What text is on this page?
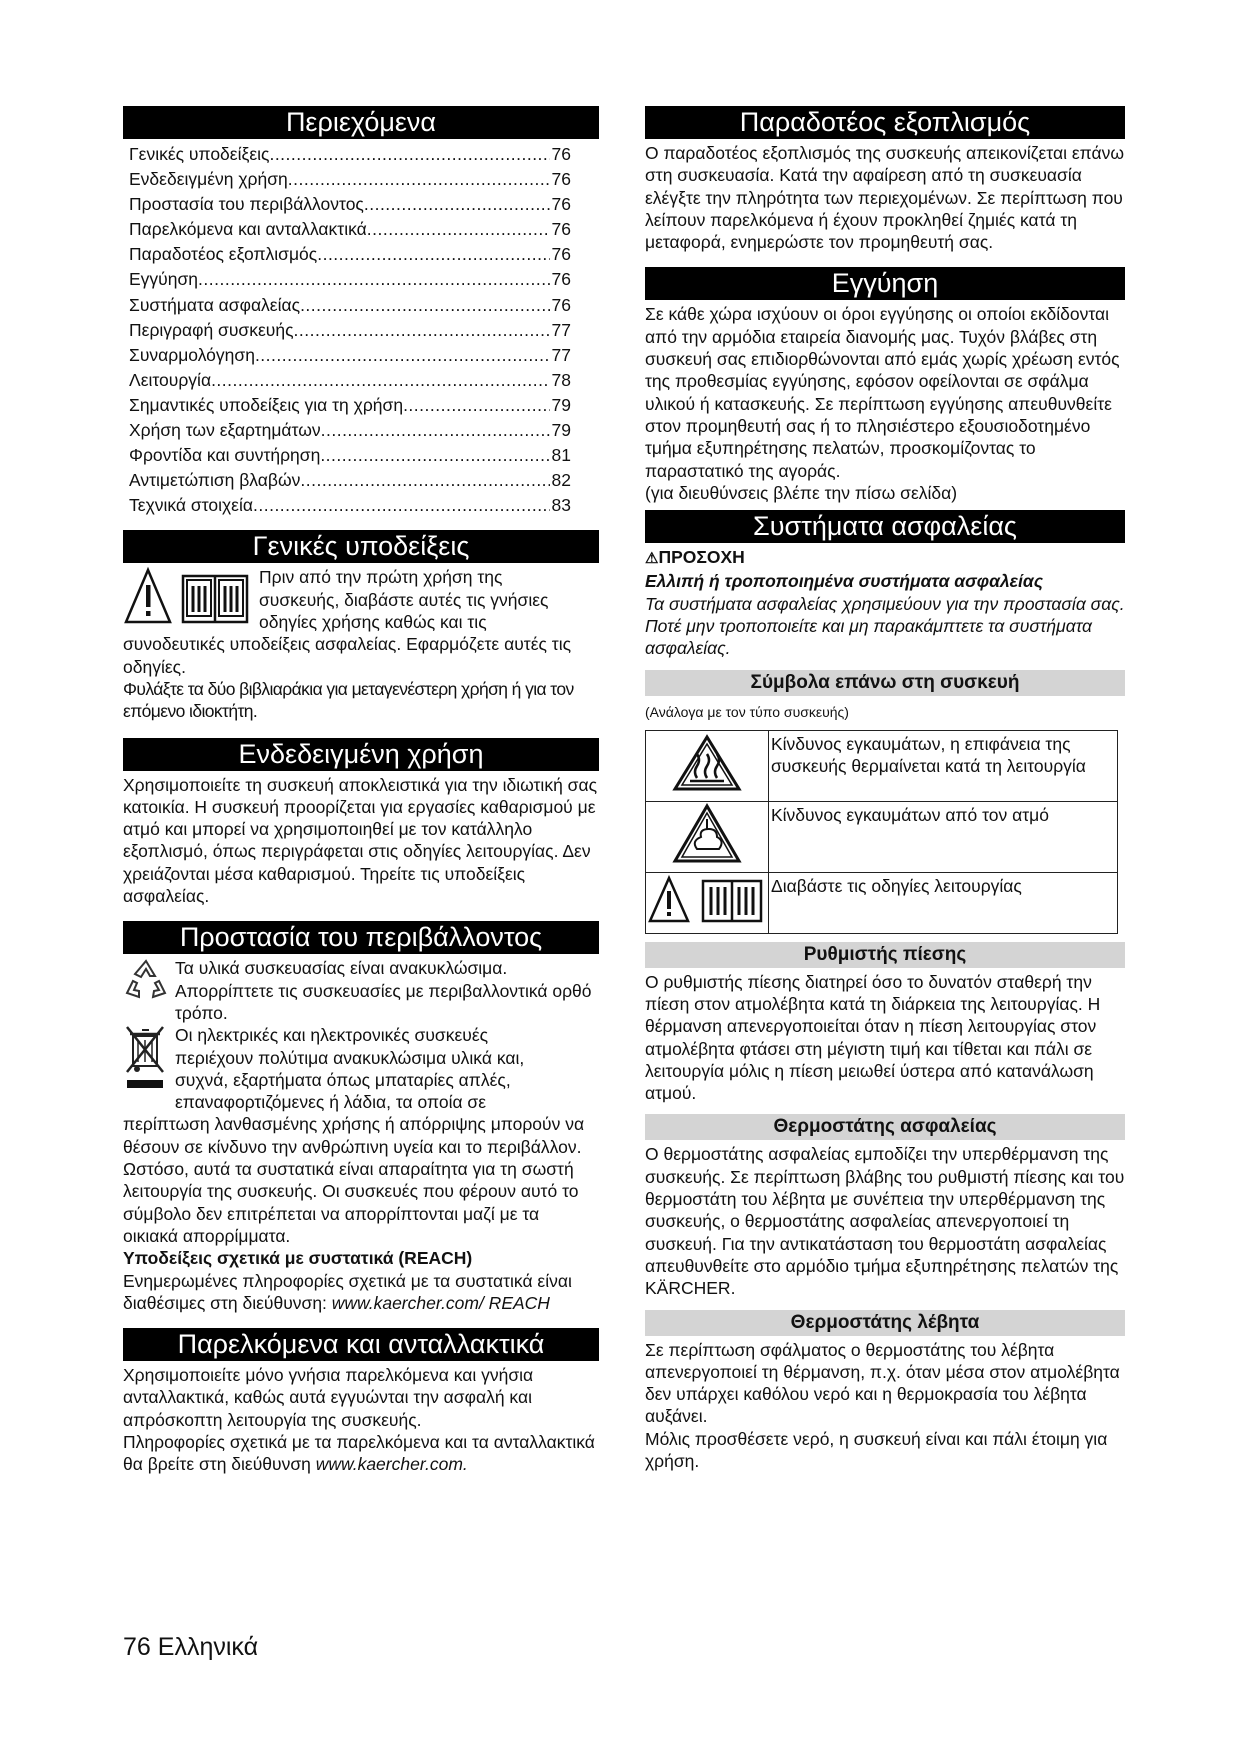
Περιεχόμενα
Γενικές υποδείξεις .....	76
Ενδεδειγμένη χρήση .....	76
Προστασία του περιβάλλοντος .....	76
Παρελκόμενα και ανταλλακτικά .....	76
Παραδοτέος εξοπλισμός .....	76
Εγγύηση .....	76
Συστήματα ασφαλείας .....	76
Περιγραφή συσκευής .....	77
Συναρμολόγηση .....	77
Λειτουργία .....	78
Σημαντικές υποδείξεις για τη χρήση .....	79
Χρήση των εξαρτημάτων .....	79
Φροντίδα και συντήρηση .....	81
Αντιμετώπιση βλαβών .....	82
Τεχνικά στοιχεία .....	83
Γενικές υποδείξεις

Πριν από την πρώτη χρήση της

συσκευής, διαβάστε αυτές τις γνήσιες

οδηγίες χρήσης καθώς και τις

συνοδευτικές υποδείξεις ασφαλείας. Εφαρμόζετε αυτές τις οδηγίες.

Φυλάξτε τα δύο βιβλιαράκια για μεταγενέστερη χρήση ή για τον επόμενο ιδιοκτήτη.

Ενδεδειγμένη χρήση

Χρησιμοποιείτε τη συσκευή αποκλειστικά για την ιδιωτική σας κατοικία. Η συσκευή προορίζεται για εργασίες καθαρισμού με ατμό και μπορεί να χρησιμοποιηθεί με τον κατάλληλο εξοπλισμό, όπως περιγράφεται στις οδηγίες λειτουργίας. Δεν χρειάζονται μέσα καθαρισμού. Τηρείτε τις υποδείξεις ασφαλείας.

Προστασία του περιβάλλοντος

Τα υλικά συσκευασίας είναι ανακυκλώσιμα. Απορρίπτετε τις συσκευασίες με περιβαλλοντικά ορθό τρόπο.

Οι ηλεκτρικές και ηλεκτρονικές συσκευές

περιέχουν πολύτιμα ανακυκλώσιμα υλικά και,

συχνά, εξαρτήματα όπως μπαταρίες απλές,

επαναφορτιζόμενες ή λάδια, τα οποία σε

περίπτωση λανθασμένης χρήσης ή απόρριψης μπορούν να θέσουν σε κίνδυνο την ανθρώπινη υγεία και το περιβάλλον. Ωστόσο, αυτά τα συστατικά είναι απαραίτητα για τη σωστή λειτουργία της συσκευής. Οι συσκευές που φέρουν αυτό το σύμβολο δεν επιτρέπεται να απορρίπτονται μαζί με τα οικιακά απορρίμματα.

Υποδείξεις σχετικά με συστατικά (REACH)

Ενημερωμένες πληροφορίες σχετικά με τα συστατικά είναι διαθέσιμες στη διεύθυνση: www.kaercher.com/ REACH

Παρελκόμενα και ανταλλακτικά

Χρησιμοποιείτε μόνο γνήσια παρελκόμενα και γνήσια ανταλλακτικά, καθώς αυτά εγγυώνται την ασφαλή και απρόσκοπτη λειτουργία της συσκευής.

Πληροφορίες σχετικά με τα παρελκόμενα και τα ανταλλακτικά θα βρείτε στη διεύθυνση www.kaercher.com.

Παραδοτέος εξοπλισμός

Ο παραδοτέος εξοπλισμός της συσκευής απεικονίζεται επάνω στη συσκευασία. Κατά την αφαίρεση από τη συσκευασία ελέγξτε την πληρότητα των περιεχομένων. Σε περίπτωση που λείπουν παρελκόμενα ή έχουν προκληθεί ζημιές κατά τη μεταφορά, ενημερώστε τον προμηθευτή σας.

Εγγύηση

Σε κάθε χώρα ισχύουν οι όροι εγγύησης οι οποίοι εκδίδονται από την αρμόδια εταιρεία διανομής μας. Τυχόν βλάβες στη συσκευή σας επιδιορθώνονται από εμάς χωρίς χρέωση εντός της προθεσμίας εγγύησης, εφόσον οφείλονται σε σφάλμα υλικού ή κατασκευής. Σε περίπτωση εγγύησης απευθυνθείτε στον προμηθευτή σας ή το πλησιέστερο εξουσιοδοτημένο τμήμα εξυπηρέτησης πελατών, προσκομίζοντας το παραστατικό της αγοράς.

(για διευθύνσεις βλέπε την πίσω σελίδα)

Συστήματα ασφαλείας

⚠ΠΡΟΣΟΧΗ

Ελλιπή ή τροποποιημένα συστήματα ασφαλείας

Τα συστήματα ασφαλείας χρησιμεύουν για την προστασία σας.

Ποτέ μην τροποποιείτε και μη παρακάμπτετε τα συστήματα ασφαλείας.

Σύμβολα επάνω στη συσκευή

(Ανάλογα με τον τύπο συσκευής)

	Κίνδυνος εγκαυμάτων, η επιφάνεια της συσκευής θερμαίνεται κατά τη λειτουργία
	Κίνδυνος εγκαυμάτων από τον ατμό
	Διαβάστε τις οδηγίες λειτουργίας
Ρυθμιστής πίεσης

Ο ρυθμιστής πίεσης διατηρεί όσο το δυνατόν σταθερή την πίεση στον ατμολέβητα κατά τη διάρκεια της λειτουργίας. Η θέρμανση απενεργοποιείται όταν η πίεση λειτουργίας στον ατμολέβητα φτάσει στη μέγιστη τιμή και τίθεται και πάλι σε λειτουργία μόλις η πίεση μειωθεί ύστερα από κατανάλωση ατμού.

Θερμοστάτης ασφαλείας

Ο θερμοστάτης ασφαλείας εμποδίζει την υπερθέρμανση της συσκευής. Σε περίπτωση βλάβης του ρυθμιστή πίεσης και του θερμοστάτη του λέβητα με συνέπεια την υπερθέρμανση της συσκευής, ο θερμοστάτης ασφαλείας απενεργοποιεί τη συσκευή. Για την αντικατάσταση του θερμοστάτη ασφαλείας απευθυνθείτε στο αρμόδιο τμήμα εξυπηρέτησης πελατών της KÄRCHER.

Θερμοστάτης λέβητα

Σε περίπτωση σφάλματος ο θερμοστάτης του λέβητα απενεργοποιεί τη θέρμανση, π.χ. όταν μέσα στον ατμολέβητα δεν υπάρχει καθόλου νερό και η θερμοκρασία του λέβητα αυξάνει.

Μόλις προσθέσετε νερό, η συσκευή είναι και πάλι έτοιμη για χρήση.

76 Ελληνικά
